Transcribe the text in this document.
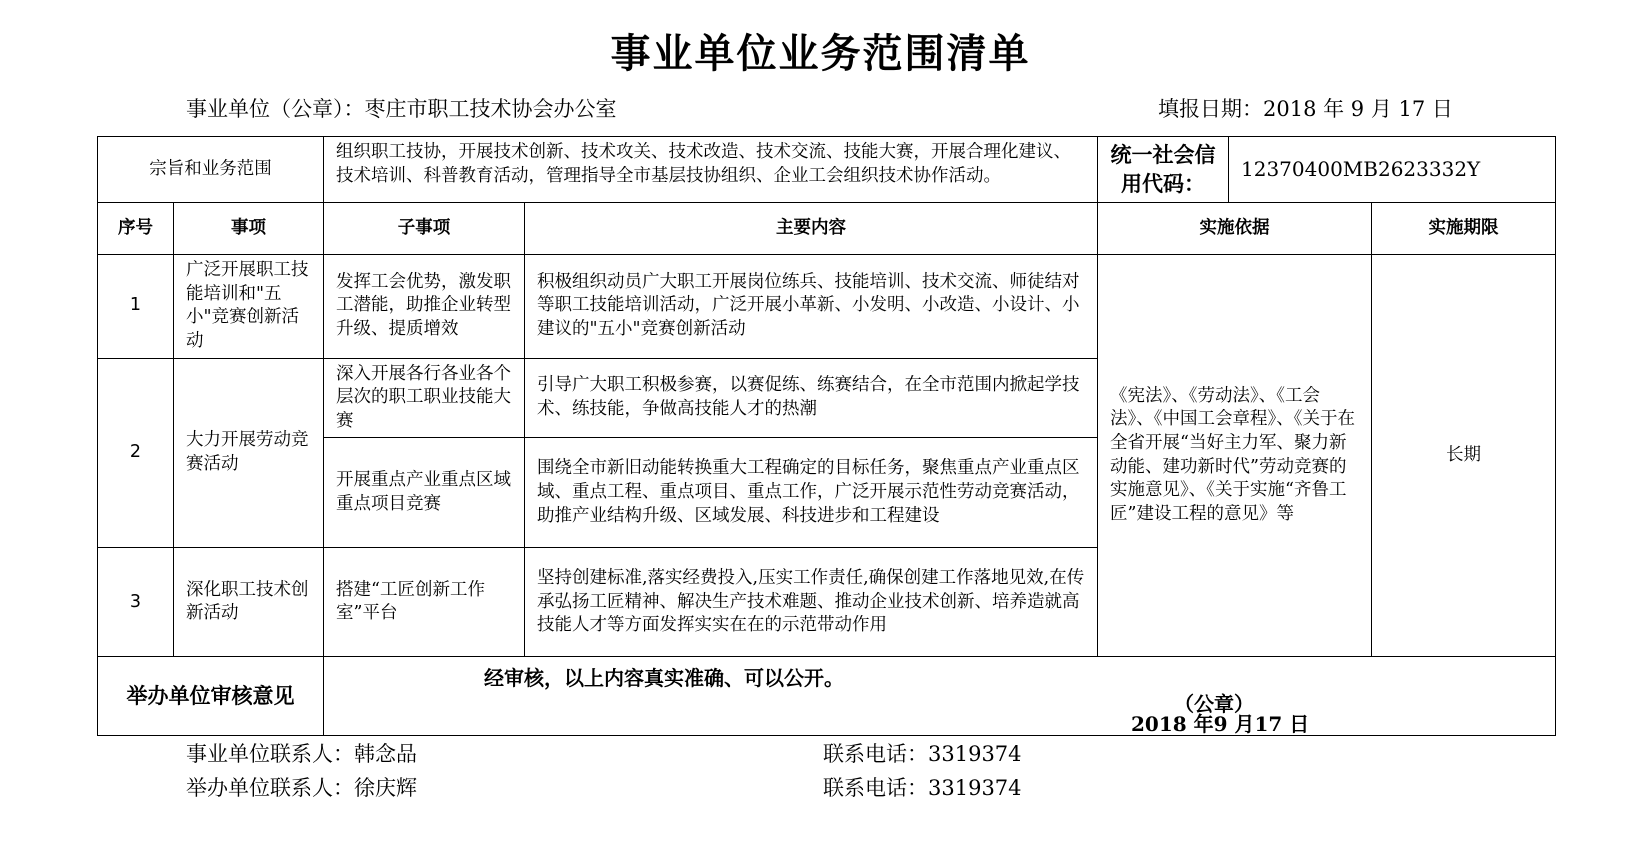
事业单位业务范围清单
事业单位（公章）：枣庄市职工技术协会办公室	填报日期：2018 年 9 月 17 日
宗旨和业务范围		组织职工技协，开展技术创新、技术攻关、技术改造、技术交流、技能大赛，开展合理化建议、技术培训、科普教育活动，管理指导全市基层技协组织、企业工会组织技术协作活动。		统一社会信用代码：	12370400MB2623332Y	
序号	事项	子事项	主要内容	实施依据		实施期限
1	广泛开展职工技能培训和"五小"竞赛创新活动	发挥工会优势，激发职工潜能，助推企业转型升级、提质增效	积极组织动员广大职工开展岗位练兵、技能培训、技术交流、师徒结对等职工技能培训活动，广泛开展小革新、小发明、小改造、小设计、小建议的"五小"竞赛创新活动	《宪法》、《劳动法》、《工会法》、《中国工会章程》、《关于在全省开展“当好主力军、聚力新动能、建功新时代”劳动竞赛的实施意见》、《关于实施“齐鲁工匠”建设工程的意见》等		长期
2	大力开展劳动竞赛活动	深入开展各行各业各个层次的职工职业技能大赛	引导广大职工积极参赛，以赛促练、练赛结合，在全市范围内掀起学技术、练技能，争做高技能人才的热潮			
		开展重点产业重点区域重点项目竞赛	围绕全市新旧动能转换重大工程确定的目标任务，聚焦重点产业重点区域、重点工程、重点项目、重点工作，广泛开展示范性劳动竞赛活动，助推产业结构升级、区域发展、科技进步和工程建设			
3	深化职工技术创新活动	搭建“工匠创新工作室”平台	坚持创建标准,落实经费投入,压实工作责任,确保创建工作落地见效,在传承弘扬工匠精神、解决生产技术难题、推动企业技术创新、培养造就高技能人才等方面发挥实实在在的示范带动作用			
举办单位审核意见		经审核，以上内容真实准确、可以公开。
（公章）
2018 年9 月17 日				
事业单位联系人：韩念品	联系电话：3319374
举办单位联系人：徐庆辉	联系电话：3319374
